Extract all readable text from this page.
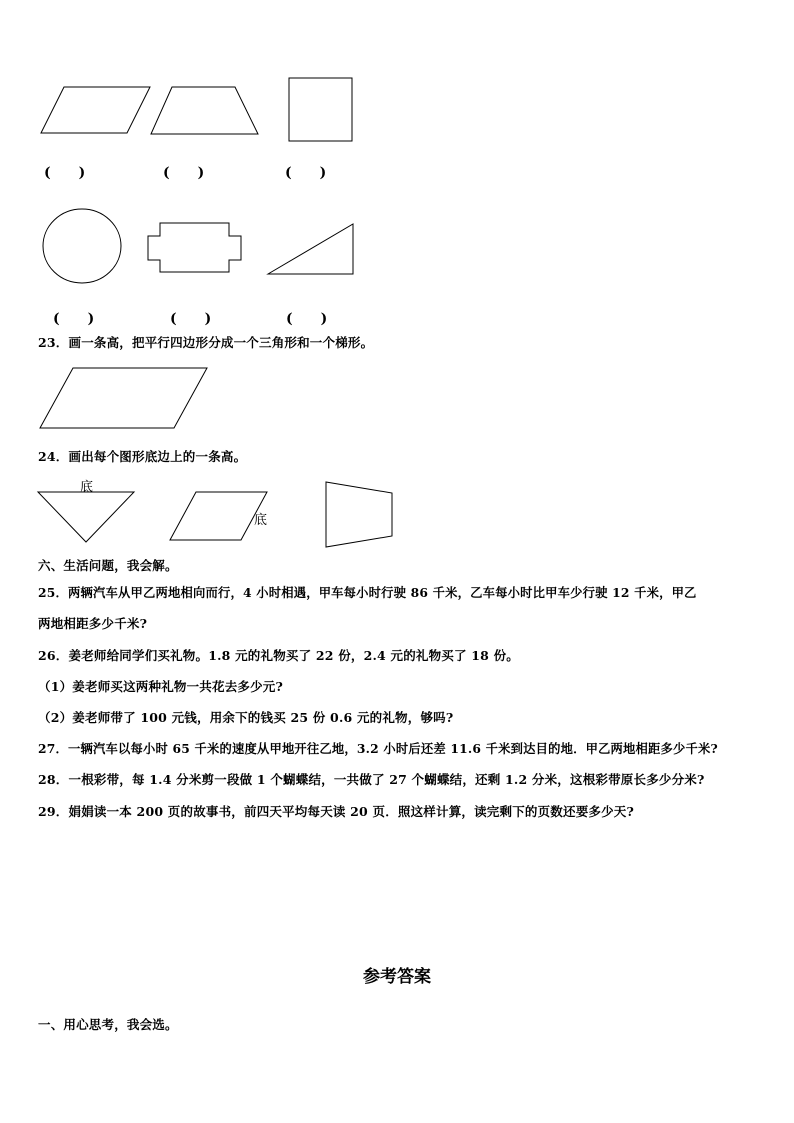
(　　)	(　　)	(　　)
(　　)	(　　)	(　　)
23．画一条高，把平行四边形分成一个三角形和一个梯形。
24．画出每个图形底边上的一条高。
底
底
六、生活问题，我会解。
25．两辆汽车从甲乙两地相向而行，4 小时相遇，甲车每小时行驶 86 千米，乙车每小时比甲车少行驶 12 千米，甲乙
两地相距多少千米?
26．姜老师给同学们买礼物。1.8 元的礼物买了 22 份，2.4 元的礼物买了 18 份。
（1）姜老师买这两种礼物一共花去多少元?
（2）姜老师带了 100 元钱，用余下的钱买 25 份 0.6 元的礼物，够吗?
27．一辆汽车以每小时 65 千米的速度从甲地开往乙地，3.2 小时后还差 11.6 千米到达目的地．甲乙两地相距多少千米?
28．一根彩带，每 1.4 分米剪一段做 1 个蝴蝶结，一共做了 27 个蝴蝶结，还剩 1.2 分米，这根彩带原长多少分米?
29．娟娟读一本 200 页的故事书，前四天平均每天读 20 页．照这样计算，读完剩下的页数还要多少天?
参考答案
一、用心思考，我会选。
